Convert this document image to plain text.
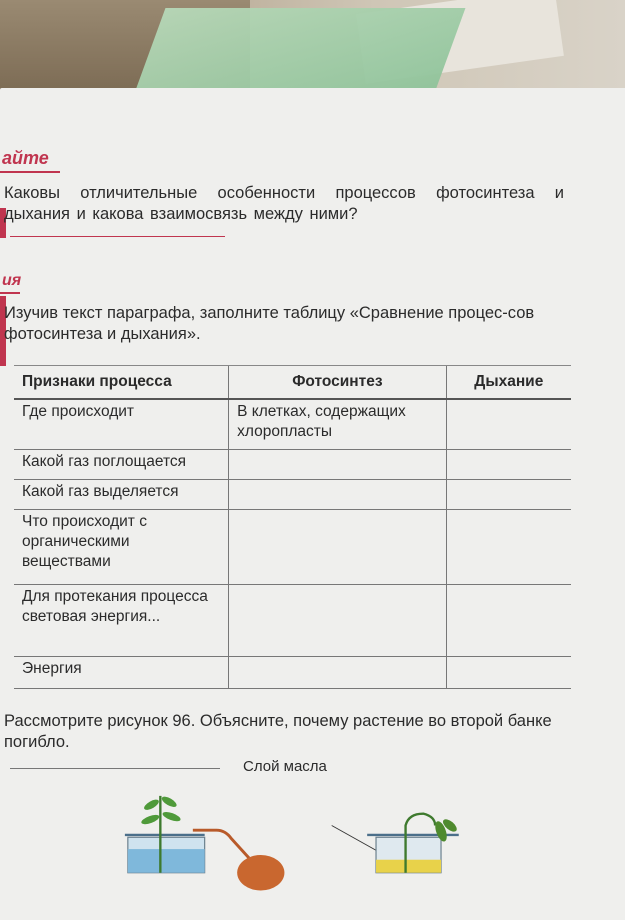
айте
Каковы отличительные особенности процессов фотосинтеза и дыхания и какова взаимосвязь между ними?
ия
Изучив текст параграфа, заполните таблицу «Сравнение процес-сов фотосинтеза и дыхания».
Признаки процесса	Фотосинтез	Дыхание
Где происходит	В клетках, содержащих хлоропласты	
Какой газ поглощается		
Какой газ выделяется		
Что происходит с органическими веществами		
Для протекания процесса световая энергия...		
Энергия		
Рассмотрите рисунок 96. Объясните, почему растение во второй банке погибло.
Слой масла
